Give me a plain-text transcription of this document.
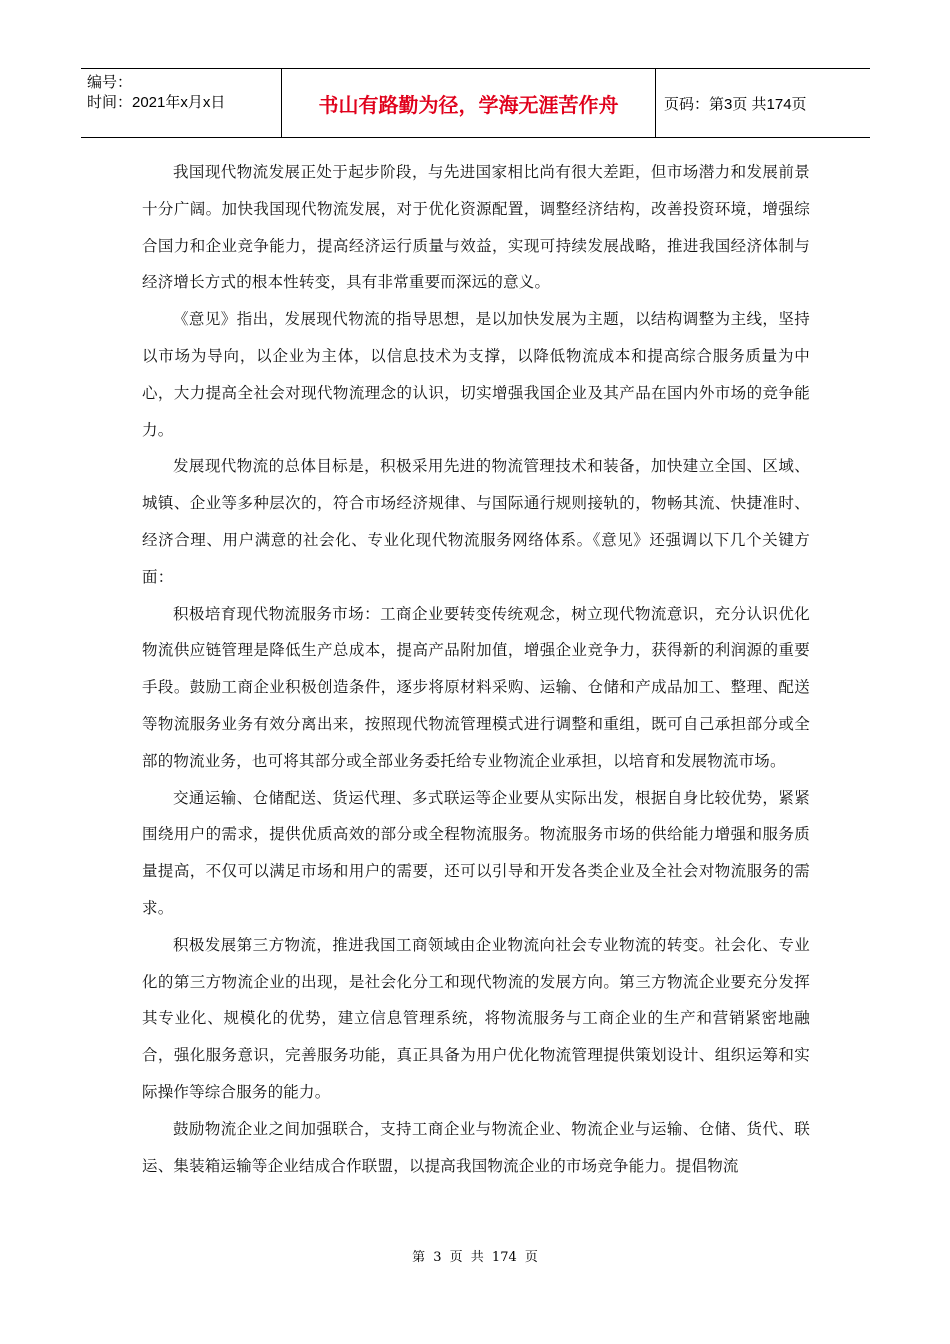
编号：
时间：2021年x月x日	书山有路勤为径，学海无涯苦作舟	页码：第3页 共174页

我国现代物流发展正处于起步阶段，与先进国家相比尚有很大差距，但市场潜力和发展前景十分广阔。加快我国现代物流发展，对于优化资源配置，调整经济结构，改善投资环境，增强综合国力和企业竞争能力，提高经济运行质量与效益，实现可持续发展战略，推进我国经济体制与经济增长方式的根本性转变，具有非常重要而深远的意义。

《意见》指出，发展现代物流的指导思想，是以加快发展为主题，以结构调整为主线，坚持以市场为导向，以企业为主体，以信息技术为支撑，以降低物流成本和提高综合服务质量为中心，大力提高全社会对现代物流理念的认识，切实增强我国企业及其产品在国内外市场的竞争能力。

发展现代物流的总体目标是，积极采用先进的物流管理技术和装备，加快建立全国、区域、城镇、企业等多种层次的，符合市场经济规律、与国际通行规则接轨的，物畅其流、快捷准时、经济合理、用户满意的社会化、专业化现代物流服务网络体系。《意见》还强调以下几个关键方面：

积极培育现代物流服务市场：工商企业要转变传统观念，树立现代物流意识，充分认识优化物流供应链管理是降低生产总成本，提高产品附加值，增强企业竞争力，获得新的利润源的重要手段。鼓励工商企业积极创造条件，逐步将原材料采购、运输、仓储和产成品加工、整理、配送等物流服务业务有效分离出来，按照现代物流管理模式进行调整和重组，既可自己承担部分或全部的物流业务，也可将其部分或全部业务委托给专业物流企业承担，以培育和发展物流市场。

交通运输、仓储配送、货运代理、多式联运等企业要从实际出发，根据自身比较优势，紧紧围绕用户的需求，提供优质高效的部分或全程物流服务。物流服务市场的供给能力增强和服务质量提高，不仅可以满足市场和用户的需要，还可以引导和开发各类企业及全社会对物流服务的需求。

积极发展第三方物流，推进我国工商领域由企业物流向社会专业物流的转变。社会化、专业化的第三方物流企业的出现，是社会化分工和现代物流的发展方向。第三方物流企业要充分发挥其专业化、规模化的优势，建立信息管理系统，将物流服务与工商企业的生产和营销紧密地融合，强化服务意识，完善服务功能，真正具备为用户优化物流管理提供策划设计、组织运筹和实际操作等综合服务的能力。

鼓励物流企业之间加强联合，支持工商企业与物流企业、物流企业与运输、仓储、货代、联运、集装箱运输等企业结成合作联盟，以提高我国物流企业的市场竞争能力。提倡物流

第 3 页 共 174 页
